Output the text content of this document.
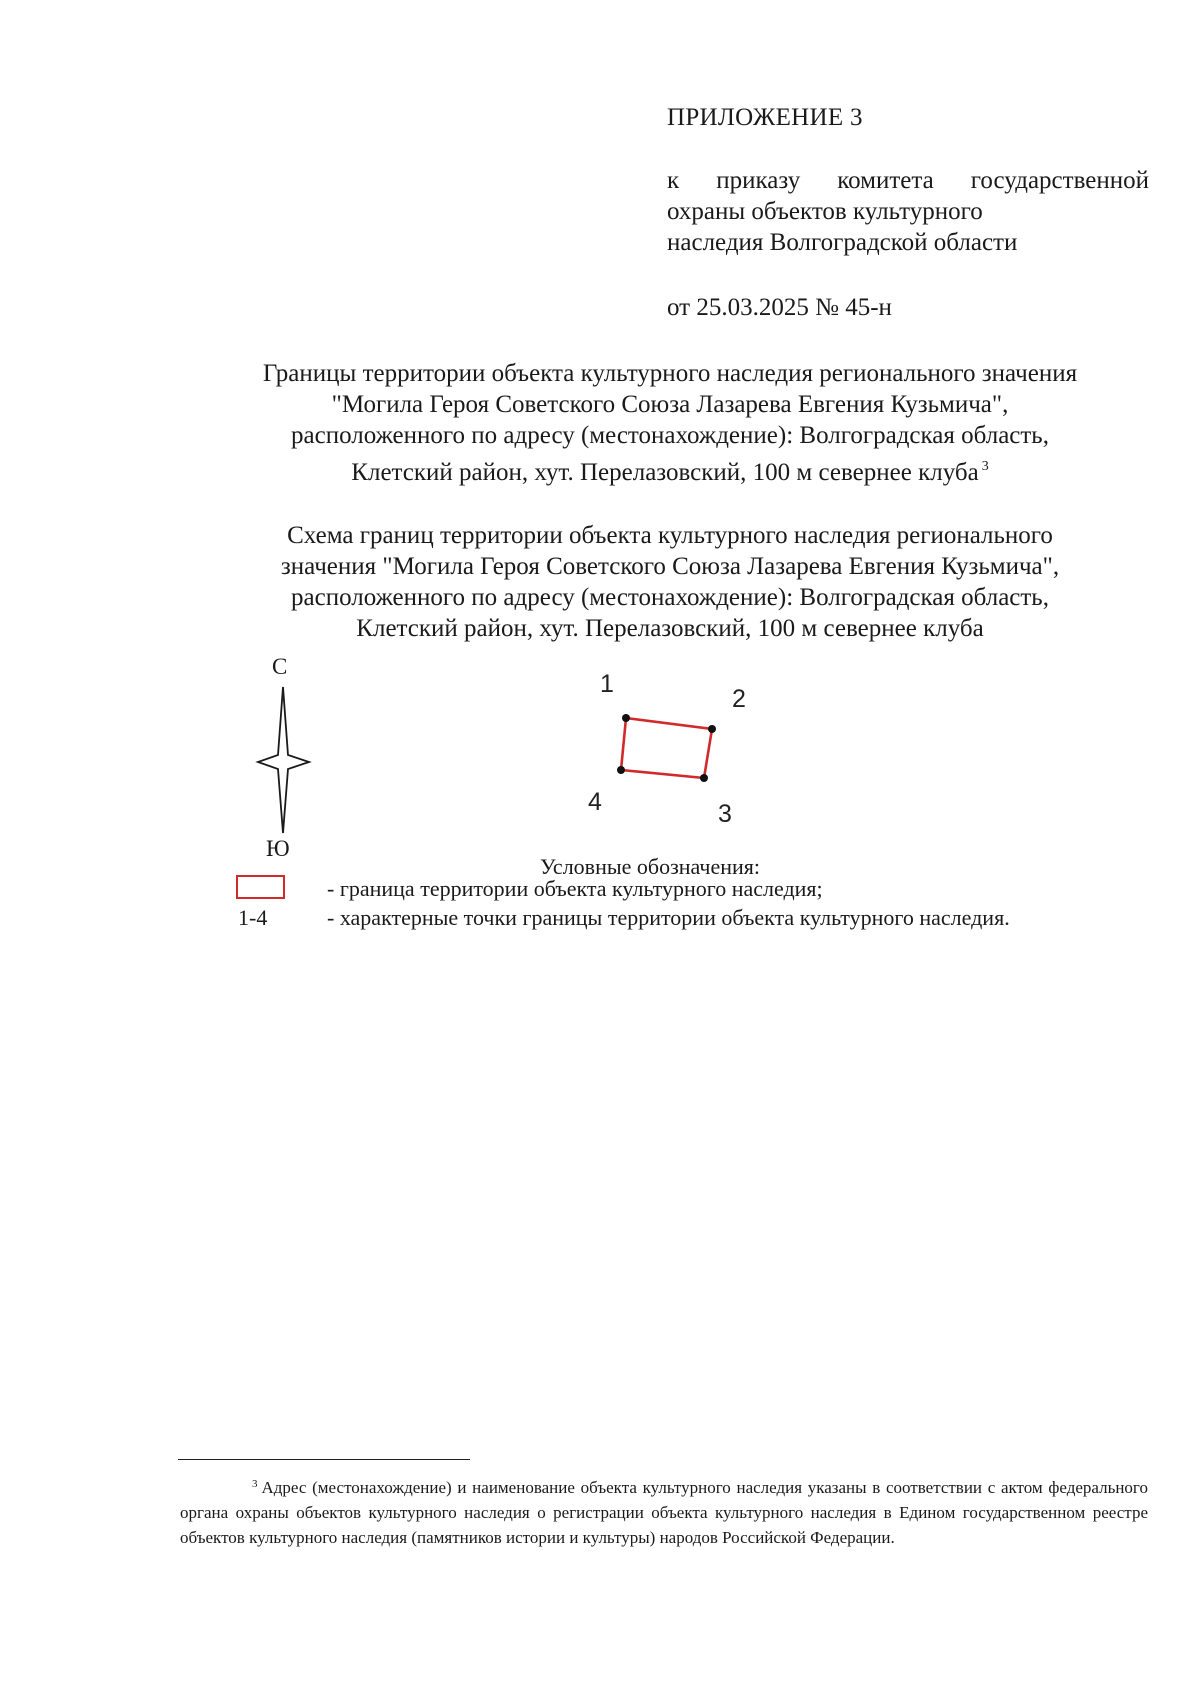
ПРИЛОЖЕНИЕ 3
к приказу комитета государственной
охраны объектов культурного
наследия Волгоградской области
от 25.03.2025 № 45-н
Границы территории объекта культурного наследия регионального значения
"Могила Героя Советского Союза Лазарева Евгения Кузьмича",
расположенного по адресу (местонахождение): Волгоградская область,
Клетский район, хут. Перелазовский, 100 м севернее клуба $^3$
Схема границ территории объекта культурного наследия регионального
значения "Могила Героя Советского Союза Лазарева Евгения Кузьмича",
расположенного по адресу (местонахождение): Волгоградская область,
Клетский район, хут. Перелазовский, 100 м севернее клуба
С
Ю
1
2
3
4
Условные обозначения:
- граница территории объекта культурного наследия;
1-4	- характерные точки границы территории объекта культурного наследия.
$^3$ Адрес (местонахождение) и наименование объекта культурного наследия указаны в соответствии с актом федерального органа охраны объектов культурного наследия о регистрации объекта культурного наследия в Едином государственном реестре объектов культурного наследия (памятников истории и культуры) народов Российской Федерации.
